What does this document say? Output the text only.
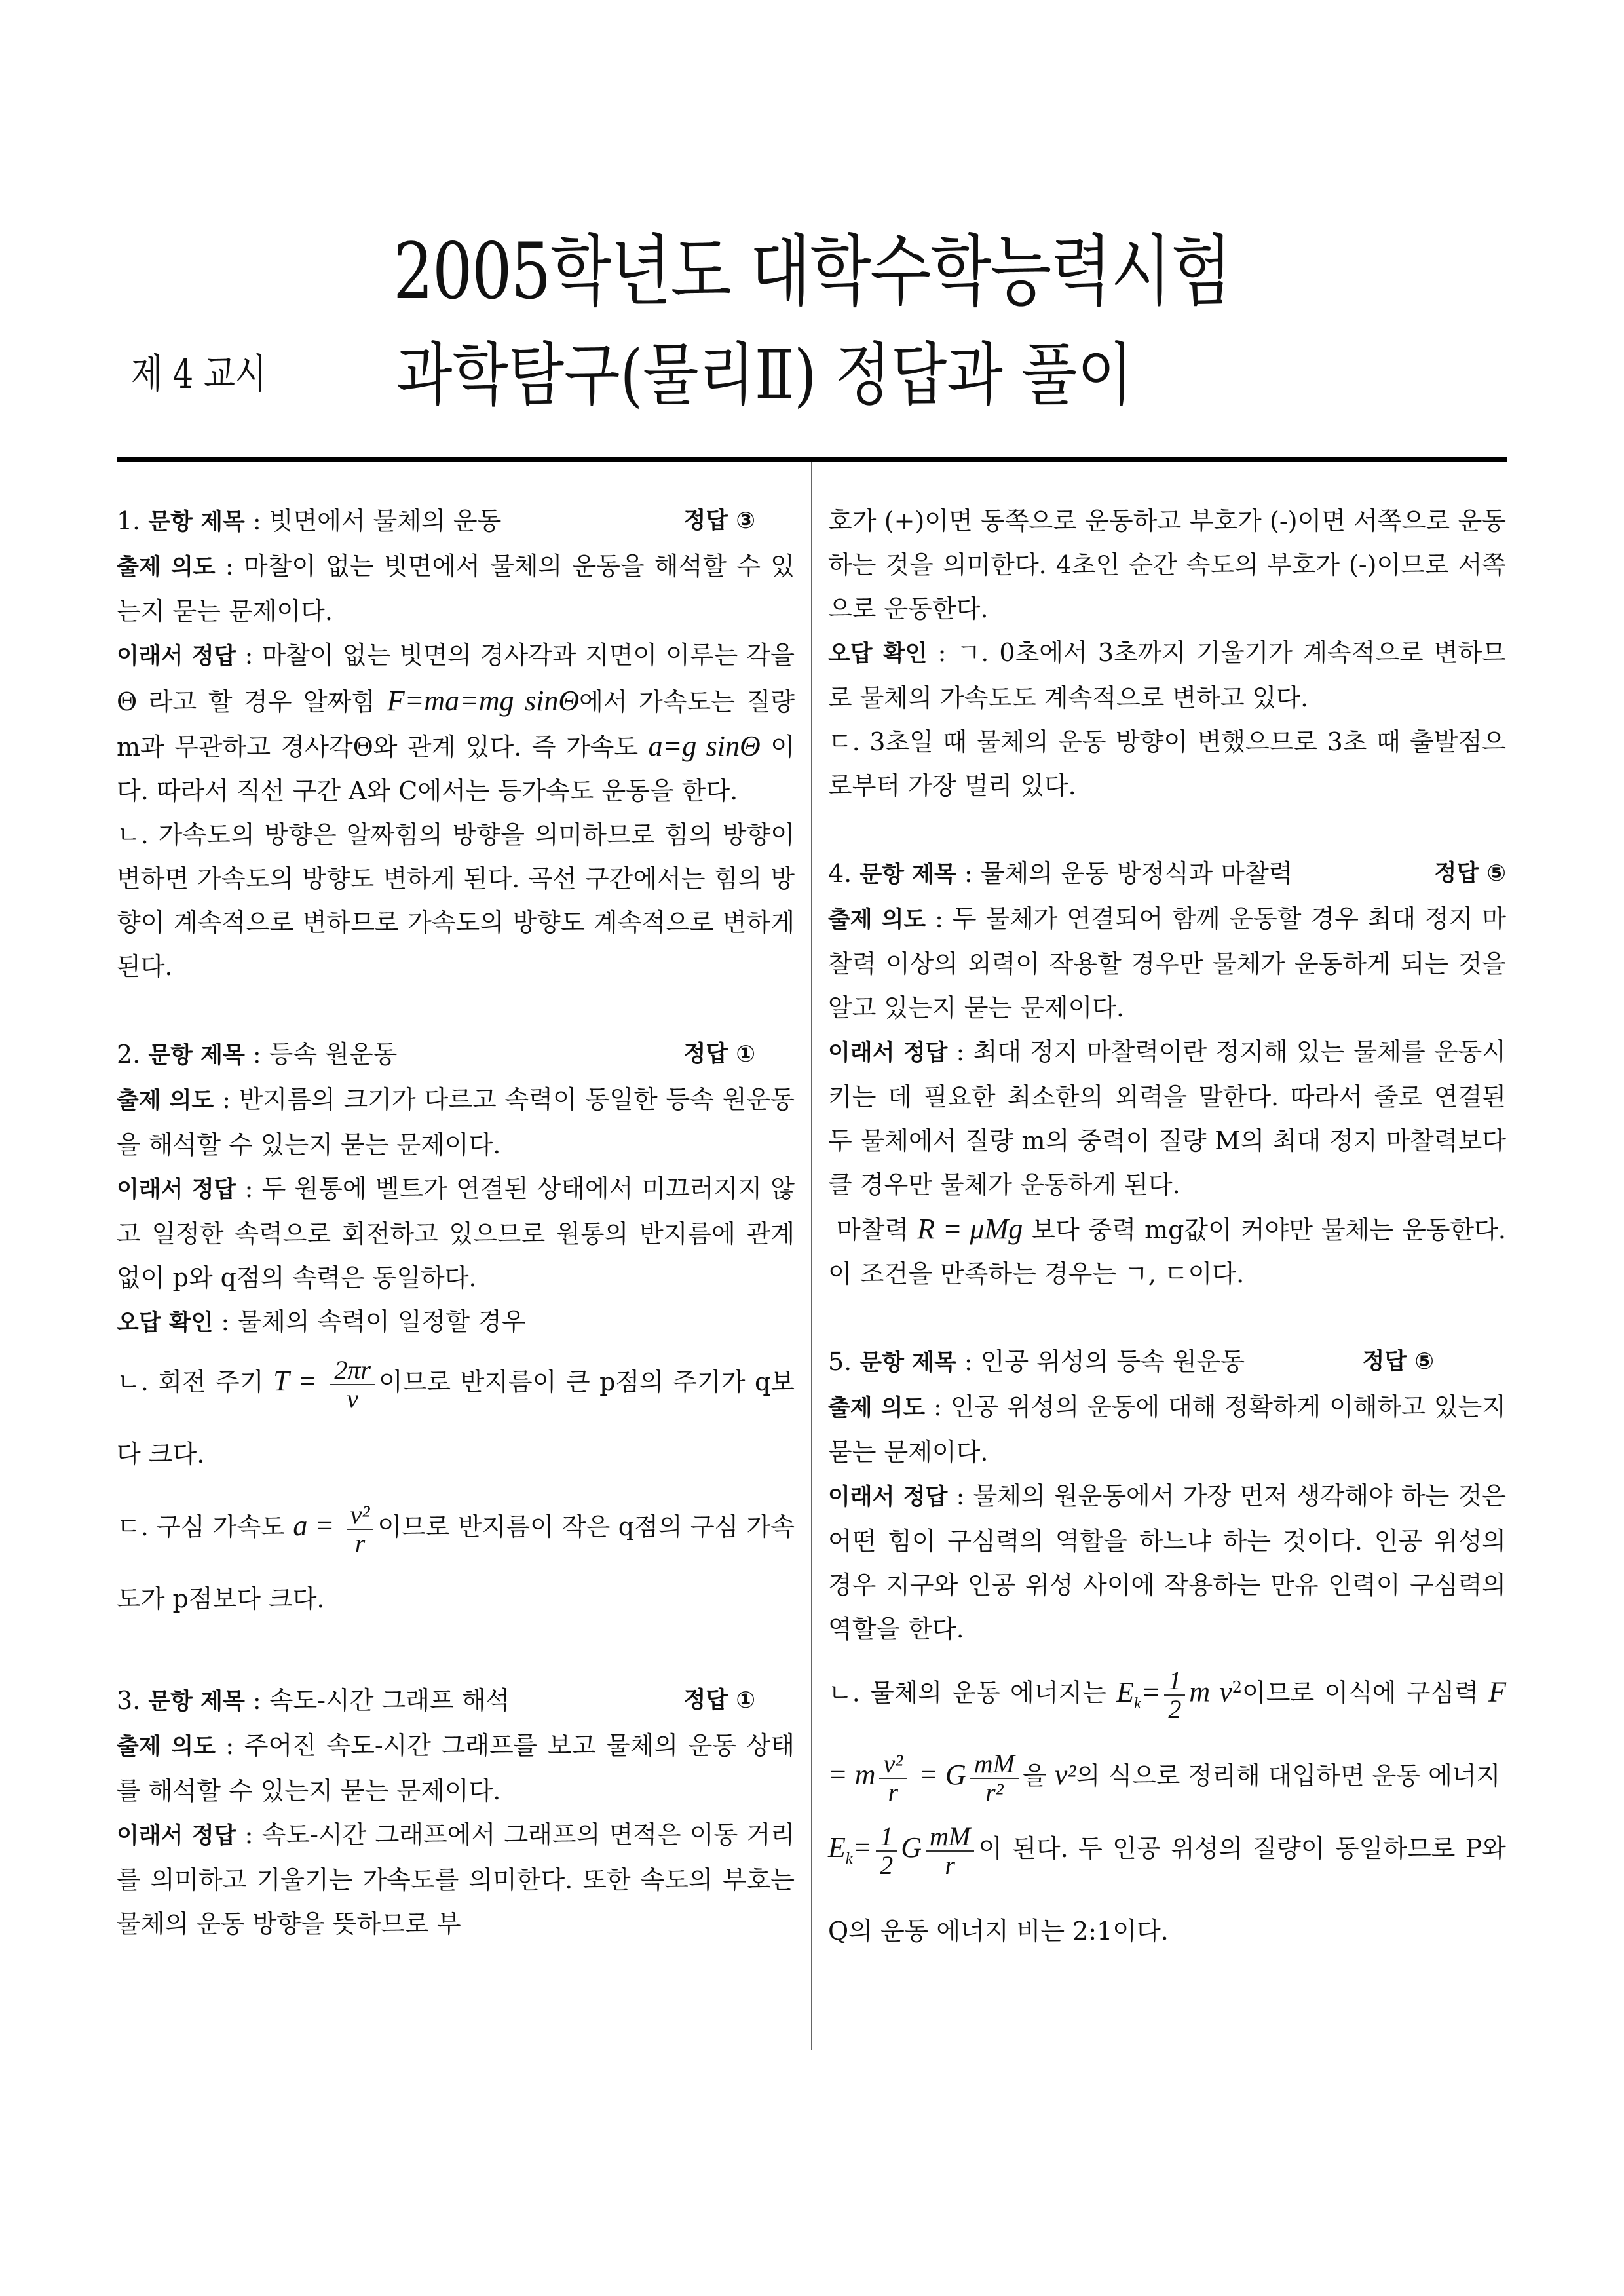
2005학년도 대학수학능력시험
제 4 교시 과학탐구(물리Ⅱ) 정답과 풀이
1. 문항 제목 : 빗면에서 물체의 운동	정답 ③

출제 의도 : 마찰이 없는 빗면에서 물체의 운동을 해석할 수 있는지 묻는 문제이다.

이래서 정답 : 마찰이 없는 빗면의 경사각과 지면이 이루는 각을 Θ 라고 할 경우 알짜힘 F=ma=mg sinΘ에서 가속도는 질량 m과 무관하고 경사각Θ와 관계 있다. 즉 가속도 a=g sinΘ 이다. 따라서 직선 구간 A와 C에서는 등가속도 운동을 한다.

ㄴ. 가속도의 방향은 알짜힘의 방향을 의미하므로 힘의 방향이 변하면 가속도의 방향도 변하게 된다. 곡선 구간에서는 힘의 방향이 계속적으로 변하므로 가속도의 방향도 계속적으로 변하게 된다.

2. 문항 제목 : 등속 원운동	정답 ①

출제 의도 : 반지름의 크기가 다르고 속력이 동일한 등속 원운동을 해석할 수 있는지 묻는 문제이다.

이래서 정답 : 두 원통에 벨트가 연결된 상태에서 미끄러지지 않고 일정한 속력으로 회전하고 있으므로 원통의 반지름에 관계없이 p와 q점의 속력은 동일하다.

오답 확인 : 물체의 속력이 일정할 경우

ㄴ. 회전 주기 $T = \frac{2\pi r}{v}$ 이므로 반지름이 큰 p점의 주기가 q보다 크다.

ㄷ. 구심 가속도 $a = \frac{\text{v²}}{r}$ 이므로 반지름이 작은 q점의 구심 가속도가 p점보다 크다.

3. 문항 제목 : 속도-시간 그래프 해석	정답 ①

출제 의도 : 주어진 속도-시간 그래프를 보고 물체의 운동 상태를 해석할 수 있는지 묻는 문제이다.

이래서 정답 : 속도-시간 그래프에서 그래프의 면적은 이동 거리를 의미하고 기울기는 가속도를 의미한다. 또한 속도의 부호는 물체의 운동 방향을 뜻하므로 부

호가 (+)이면 동쪽으로 운동하고 부호가 (-)이면 서쪽으로 운동하는 것을 의미한다. 4초인 순간 속도의 부호가 (-)이므로 서쪽으로 운동한다.

오답 확인 : ㄱ. 0초에서 3초까지 기울기가 계속적으로 변하므로 물체의 가속도도 계속적으로 변하고 있다.

ㄷ. 3초일 때 물체의 운동 방향이 변했으므로 3초 때 출발점으로부터 가장 멀리 있다.

4. 문항 제목 : 물체의 운동 방정식과 마찰력	정답 ⑤

출제 의도 : 두 물체가 연결되어 함께 운동할 경우 최대 정지 마찰력 이상의 외력이 작용할 경우만 물체가 운동하게 되는 것을 알고 있는지 묻는 문제이다.

이래서 정답 : 최대 정지 마찰력이란 정지해 있는 물체를 운동시키는 데 필요한 최소한의 외력을 말한다. 따라서 줄로 연결된 두 물체에서 질량 m의 중력이 질량 M의 최대 정지 마찰력보다 클 경우만 물체가 운동하게 된다.

마찰력 R = μMg 보다 중력 mg값이 커야만 물체는 운동한다. 이 조건을 만족하는 경우는 ㄱ, ㄷ이다.

5. 문항 제목 : 인공 위성의 등속 원운동	정답 ⑤

출제 의도 : 인공 위성의 운동에 대해 정확하게 이해하고 있는지 묻는 문제이다.

이래서 정답 : 물체의 원운동에서 가장 먼저 생각해야 하는 것은 어떤 힘이 구심력의 역할을 하느냐 하는 것이다. 인공 위성의 경우 지구와 인공 위성 사이에 작용하는 만유 인력이 구심력의 역할을 한다.

ㄴ. 물체의 운동 에너지는 $E_k= \frac{1}{2}$ m $v^2$이므로 이식에 구심력 F = m $\frac{\text{v²}}{r} = G \frac{mM}{\text{r²}}$ 을 v²의 식으로 정리해 대입하면 운동 에너지

$E_k= \frac{1}{2}$ G $\frac{mM}{r}$ 이 된다. 두 인공 위성의 질량이 동일하므로 P와 Q의 운동 에너지 비는 2:1이다.
